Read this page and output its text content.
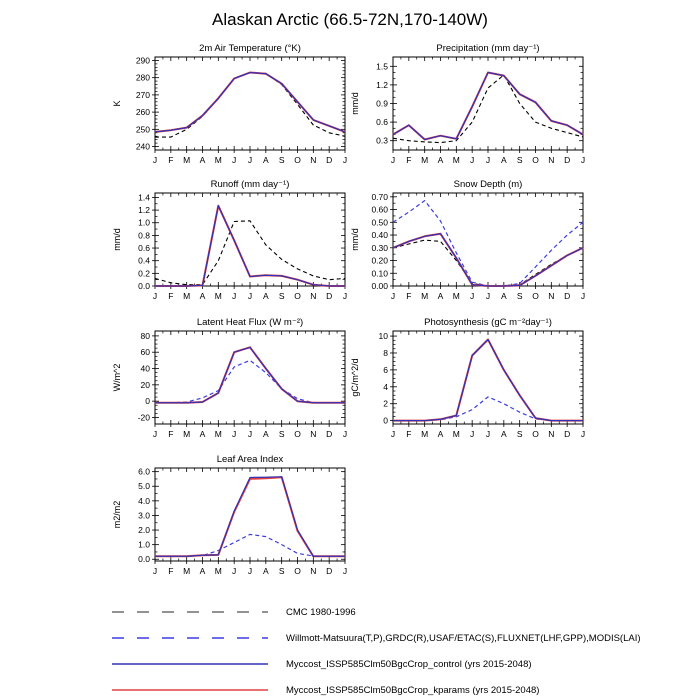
Alaskan Arctic (66.5-72N,170-140W)
2m Air Temperature (°K)
K
J F M A M J J A S O N D J
240
250
260
270
280
290
Precipitation (mm day⁻¹)
mm/d
J F M A M J J A S O N D J
0.3
0.6
0.9
1.2
1.5
Runoff (mm day⁻¹)
mm/d
J F M A M J J A S O N D J
0.0
0.2
0.4
0.6
0.8
1.0
1.2
1.4
Snow Depth (m)
mm/d
J F M A M J J A S O N D J
0.00
0.10
0.20
0.30
0.40
0.50
0.60
0.70
Latent Heat Flux (W m⁻²)
W/m^2
J F M A M J J A S O N D J
-20
0
20
40
60
80
Photosynthesis (gC m⁻²day⁻¹)
gC/m^2/d
J F M A M J J A S O N D J
0
2
4
6
8
10
Leaf Area Index
m2/m2
J F M A M J J A S O N D J
0.0
1.0
2.0
3.0
4.0
5.0
6.0
CMC 1980-1996
Willmott-Matsuura(T,P),GRDC(R),USAF/ETAC(S),FLUXNET(LHF,GPP),MODIS(LAI)
Myccost_ISSP585Clm50BgcCrop_control (yrs 2015-2048)
Myccost_ISSP585Clm50BgcCrop_kparams (yrs 2015-2048)
